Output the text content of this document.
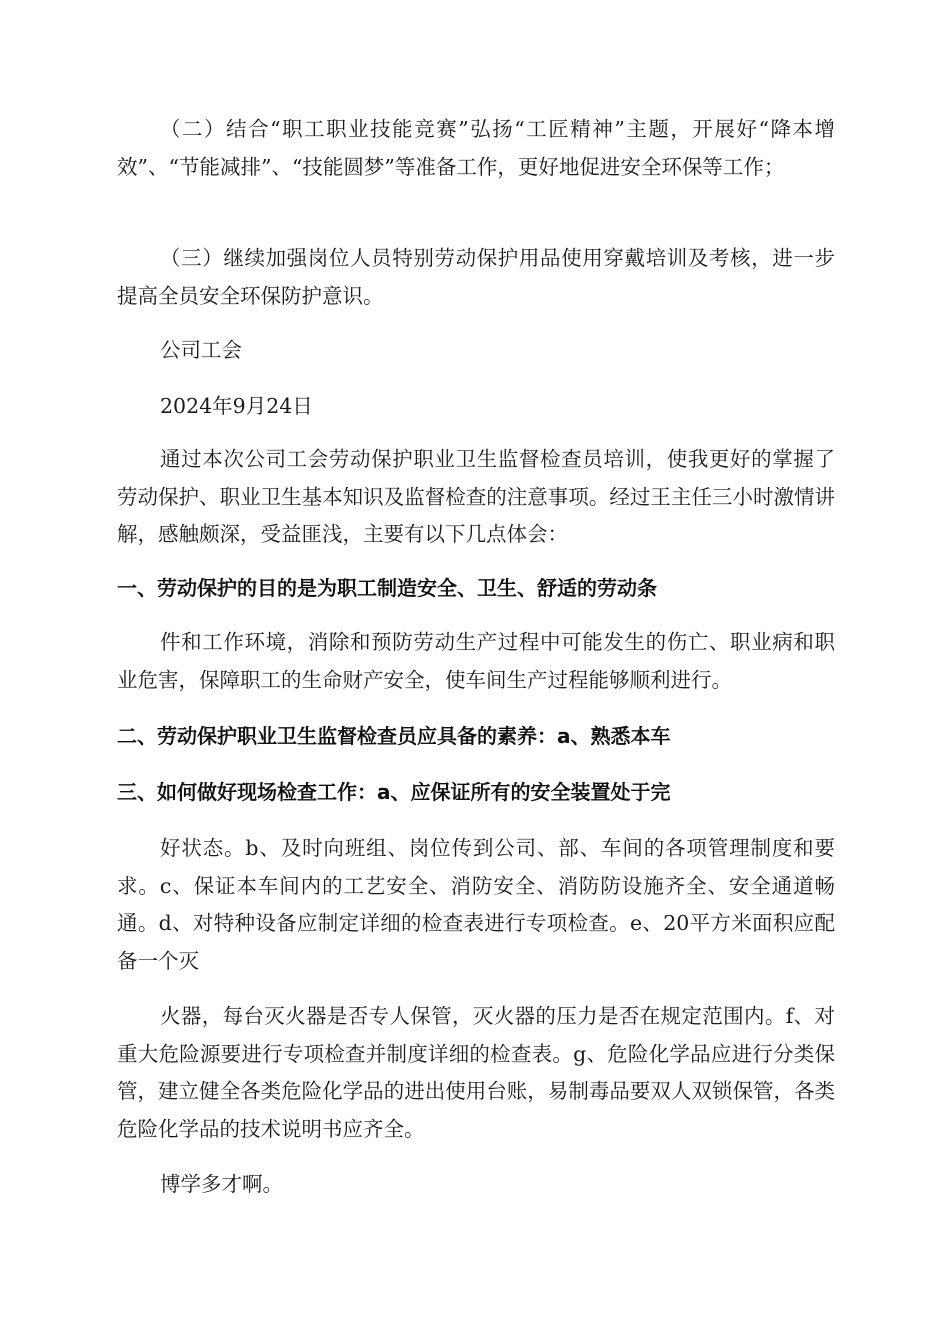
（二）结合“职工职业技能竞赛”弘扬“工匠精神”主题，开展好“降本增效”、“节能减排”、“技能圆梦”等准备工作，更好地促进安全环保等工作；

（三）继续加强岗位人员特别劳动保护用品使用穿戴培训及考核，进一步提高全员安全环保防护意识。

公司工会

2024年9月24日

通过本次公司工会劳动保护职业卫生监督检查员培训，使我更好的掌握了劳动保护、职业卫生基本知识及监督检查的注意事项。经过王主任三小时激情讲解，感触颇深，受益匪浅，主要有以下几点体会：

一、劳动保护的目的是为职工制造安全、卫生、舒适的劳动条

件和工作环境，消除和预防劳动生产过程中可能发生的伤亡、职业病和职业危害，保障职工的生命财产安全，使车间生产过程能够顺利进行。

二、劳动保护职业卫生监督检查员应具备的素养：a、熟悉本车

三、如何做好现场检查工作：a、应保证所有的安全装置处于完

好状态。b、及时向班组、岗位传到公司、部、车间的各项管理制度和要求。c、保证本车间内的工艺安全、消防安全、消防防设施齐全、安全通道畅通。d、对特种设备应制定详细的检查表进行专项检查。e、20平方米面积应配备一个灭

火器，每台灭火器是否专人保管，灭火器的压力是否在规定范围内。f、对重大危险源要进行专项检查并制度详细的检查表。g、危险化学品应进行分类保管，建立健全各类危险化学品的进出使用台账，易制毒品要双人双锁保管，各类危险化学品的技术说明书应齐全。

博学多才啊。
